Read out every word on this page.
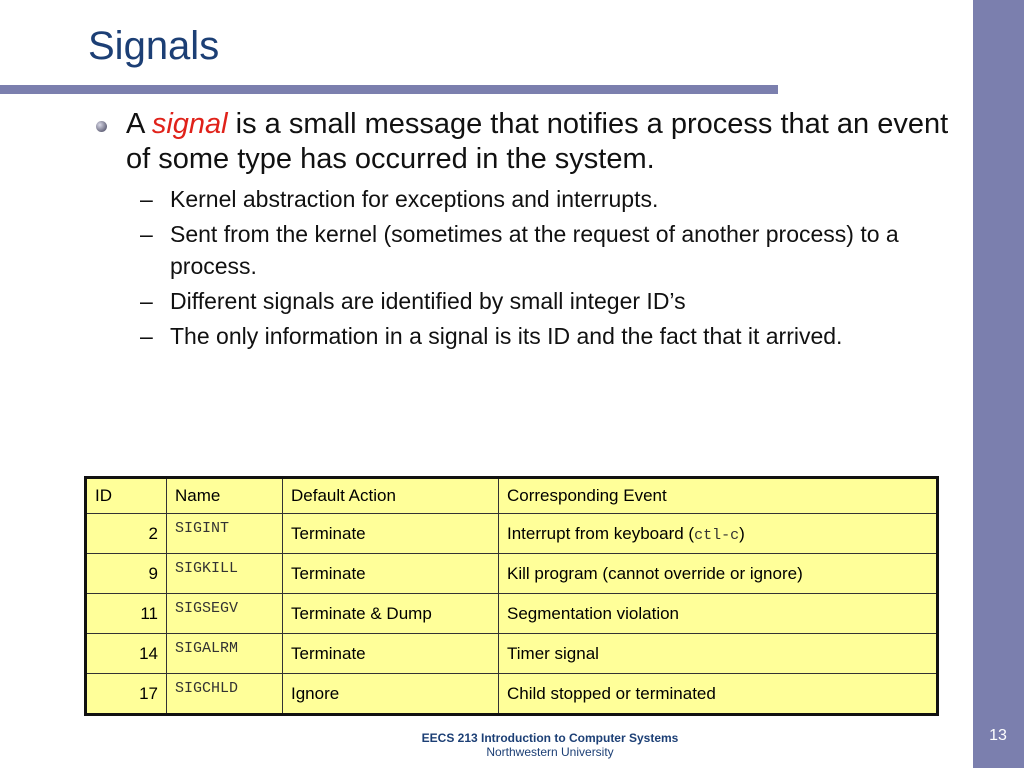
Signals
A signal is a small message that notifies a process that an event of some type has occurred in the system.
– Kernel abstraction for exceptions and interrupts.
– Sent from the kernel (sometimes at the request of another process) to a process.
– Different signals are identified by small integer ID’s
– The only information in a signal is its ID and the fact that it arrived.
ID	Name	Default Action	Corresponding Event
2	SIGINT	Terminate	Interrupt from keyboard (ctl-c)
9	SIGKILL	Terminate	Kill program (cannot override or ignore)
11	SIGSEGV	Terminate & Dump	Segmentation violation
14	SIGALRM	Terminate	Timer signal
17	SIGCHLD	Ignore	Child stopped or terminated
EECS 213 Introduction to Computer Systems
Northwestern University
13
